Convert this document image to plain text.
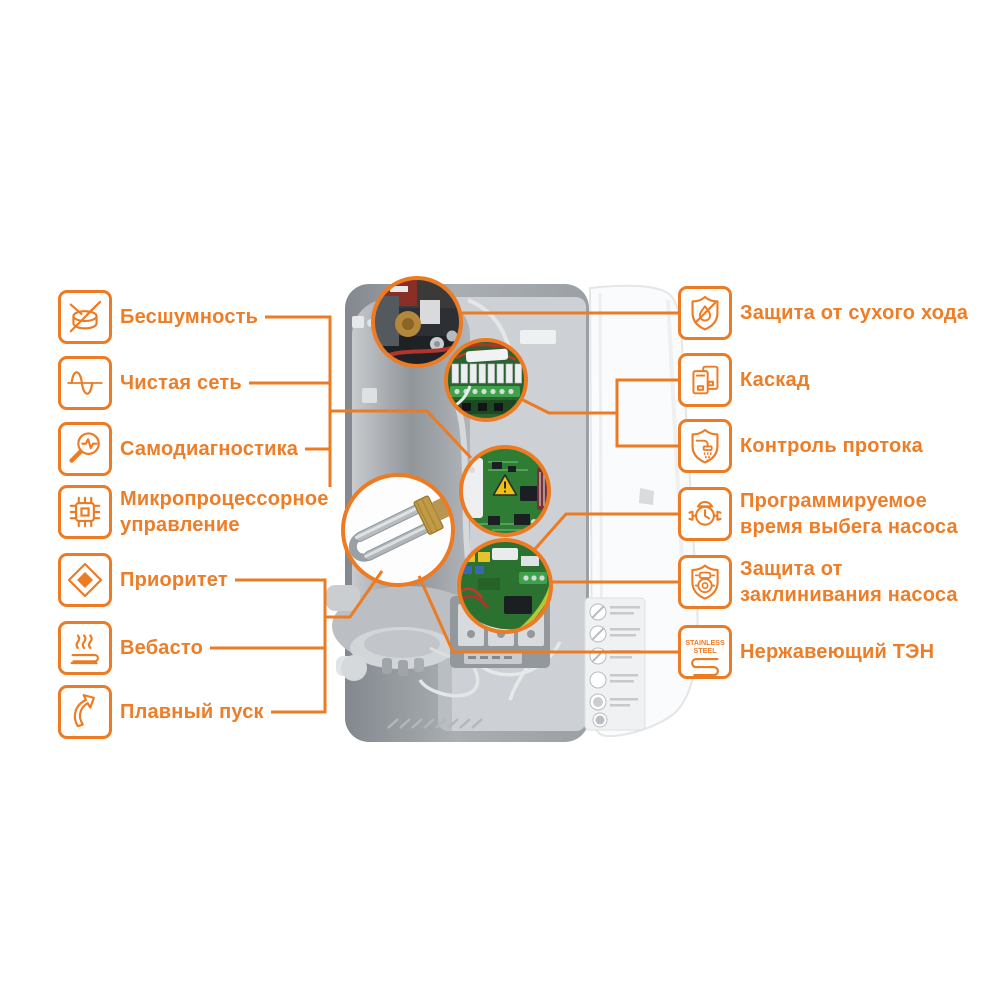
Бесшумность
Чистая сеть
Самодиагностика
Микропроцессорное управление
Приоритет
Вебасто
Плавный пуск
Защита от сухого хода
Каскад
Контроль протока
Программируемое время выбега насоса
Защита от заклинивания насоса
STAINLESS
STEEL Нержавеющий ТЭН
